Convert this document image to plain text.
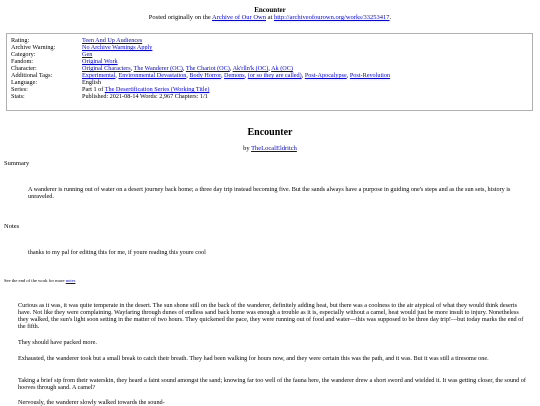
Encounter
Posted originally on the Archive of Our Own at http://archiveofourown.org/works/33253417.
Rating:	Teen And Up Audiences
Archive Warning:	No Archive Warnings Apply
Category:	Gen
Fandom:	Original Work
Character:	Original Characters, The Wanderer (OC), The Chariot (OC), Ak'rlln'k (OC), Ak (OC)
Additional Tags:	Experimental, Environmental Devastation, Body Horror, Demons, (or so they are called), Post-Apocalypse, Post-Revolution
Language:	English
Series:	Part 1 of The Desertification Series (Working Title)
Stats:	Published: 2021-08-14 Words: 2,967 Chapters: 1/1
Encounter
by TheLocalEldritch
Summary
A wanderer is running out of water on a desert journey back home; a three day trip instead becoming five. But the sands always have a purpose in guiding one's steps and as the sun sets, history is unraveled.
Notes
thanks to my pal for editing this for me, if youre reading this youre cool
See the end of the work for more notes
Curious as it was, it was quite temperate in the desert. The sun shone still on the back of the wanderer, definitely adding heat, but there was a coolness to the air atypical of what they would think deserts have. Not like they were complaining. Wayfaring through dunes of endless sand back home was enough a trouble as it is, especially without a camel, heat would just be more insult to injury. Nonetheless they walked, the sun's light soon setting in the matter of two hours. They quickened the pace, they were running out of food and water—this was supposed to be three day trip!—but today marks the end of the fifth.
They should have packed more.
Exhausted, the wanderer took but a small break to catch their breath. They had been walking for hours now, and they were certain this was the path, and it was. But it was still a tiresome one.
Taking a brief sip from their waterskin, they heard a faint sound amongst the sand; knowing far too well of the fauna here, the wanderer drew a short sword and wielded it. It was getting closer, the sound of hooves through sand. A camel?
Nervously, the wanderer slowly walked towards the sound-
